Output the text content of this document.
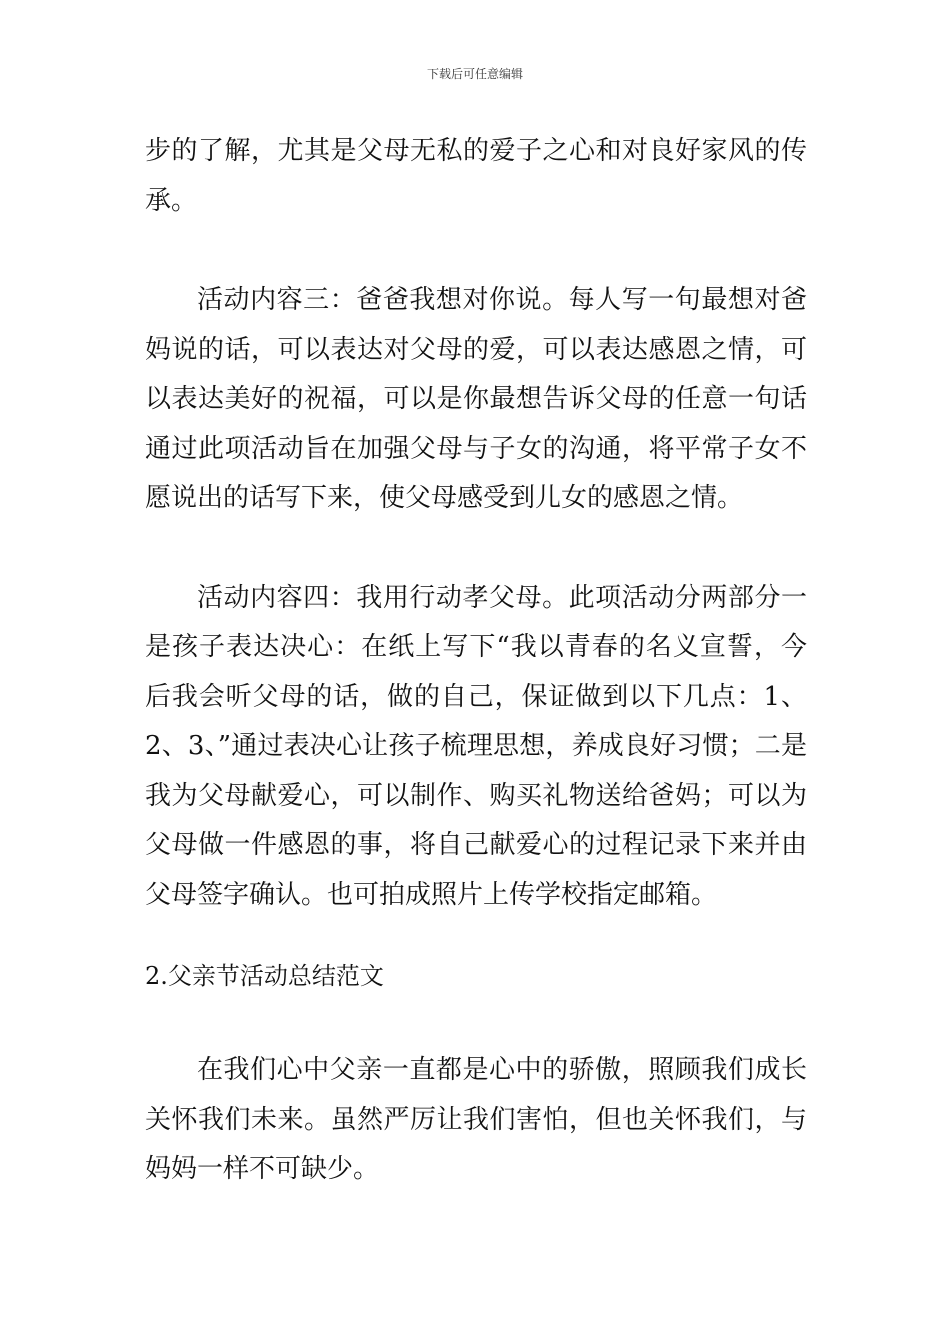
下载后可任意编辑

步的了解，尤其是父母无私的爱子之心和对良好家风的传承。

活动内容三：爸爸我想对你说。每人写一句最想对爸妈说的话，可以表达对父母的爱，可以表达感恩之情，可以表达美好的祝福，可以是你最想告诉父母的任意一句话通过此项活动旨在加强父母与子女的沟通，将平常子女不愿说出的话写下来，使父母感受到儿女的感恩之情。

活动内容四：我用行动孝父母。此项活动分两部分一是孩子表达决心：在纸上写下“我以青春的名义宣誓，今后我会听父母的话，做的自己，保证做到以下几点：1、2、3、”通过表决心让孩子梳理思想，养成良好习惯；二是我为父母献爱心，可以制作、购买礼物送给爸妈；可以为父母做一件感恩的事，将自己献爱心的过程记录下来并由父母签字确认。也可拍成照片上传学校指定邮箱。

2.父亲节活动总结范文

在我们心中父亲一直都是心中的骄傲，照顾我们成长关怀我们未来。虽然严厉让我们害怕，但也关怀我们，与妈妈一样不可缺少。
